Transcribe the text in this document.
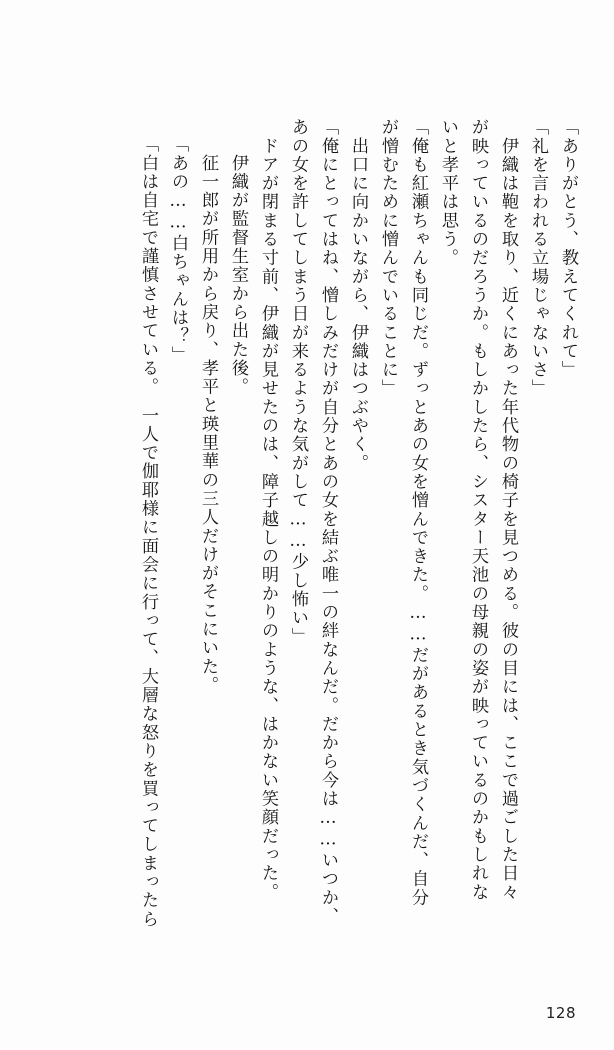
「ありがとう、教えてくれて」
「礼を言われる立場じゃないさ」
　伊織は鞄を取り、近くにあった年代物の椅子を見つめる。彼の目には、ここで過ごした日々
が映っているのだろうか。もしかしたら、シスター天池の母親の姿が映っているのかもしれな
いと孝平は思う。
「俺も紅瀬ちゃんも同じだ。ずっとあの女を憎んできた。……だがあるとき気づくんだ、自分
が憎むために憎んでいることに」
　出口に向かいながら、伊織はつぶやく。
「俺にとってはね、憎しみだけが自分とあの女を結ぶ唯一の絆なんだ。だから今は……いつか、
あの女を許してしまう日が来るような気がして……少し怖い」
　ドアが閉まる寸前、伊織が見せたのは、障子越しの明かりのような、はかない笑顔だった。
　伊織が監督生室から出た後。
　征一郎が所用から戻り、孝平と瑛里華の三人だけがそこにいた。
「あの……白ちゃんは？」
「白は自宅で謹慎させている。　一人で伽耶様に面会に行って、大層な怒りを買ってしまったら
128
